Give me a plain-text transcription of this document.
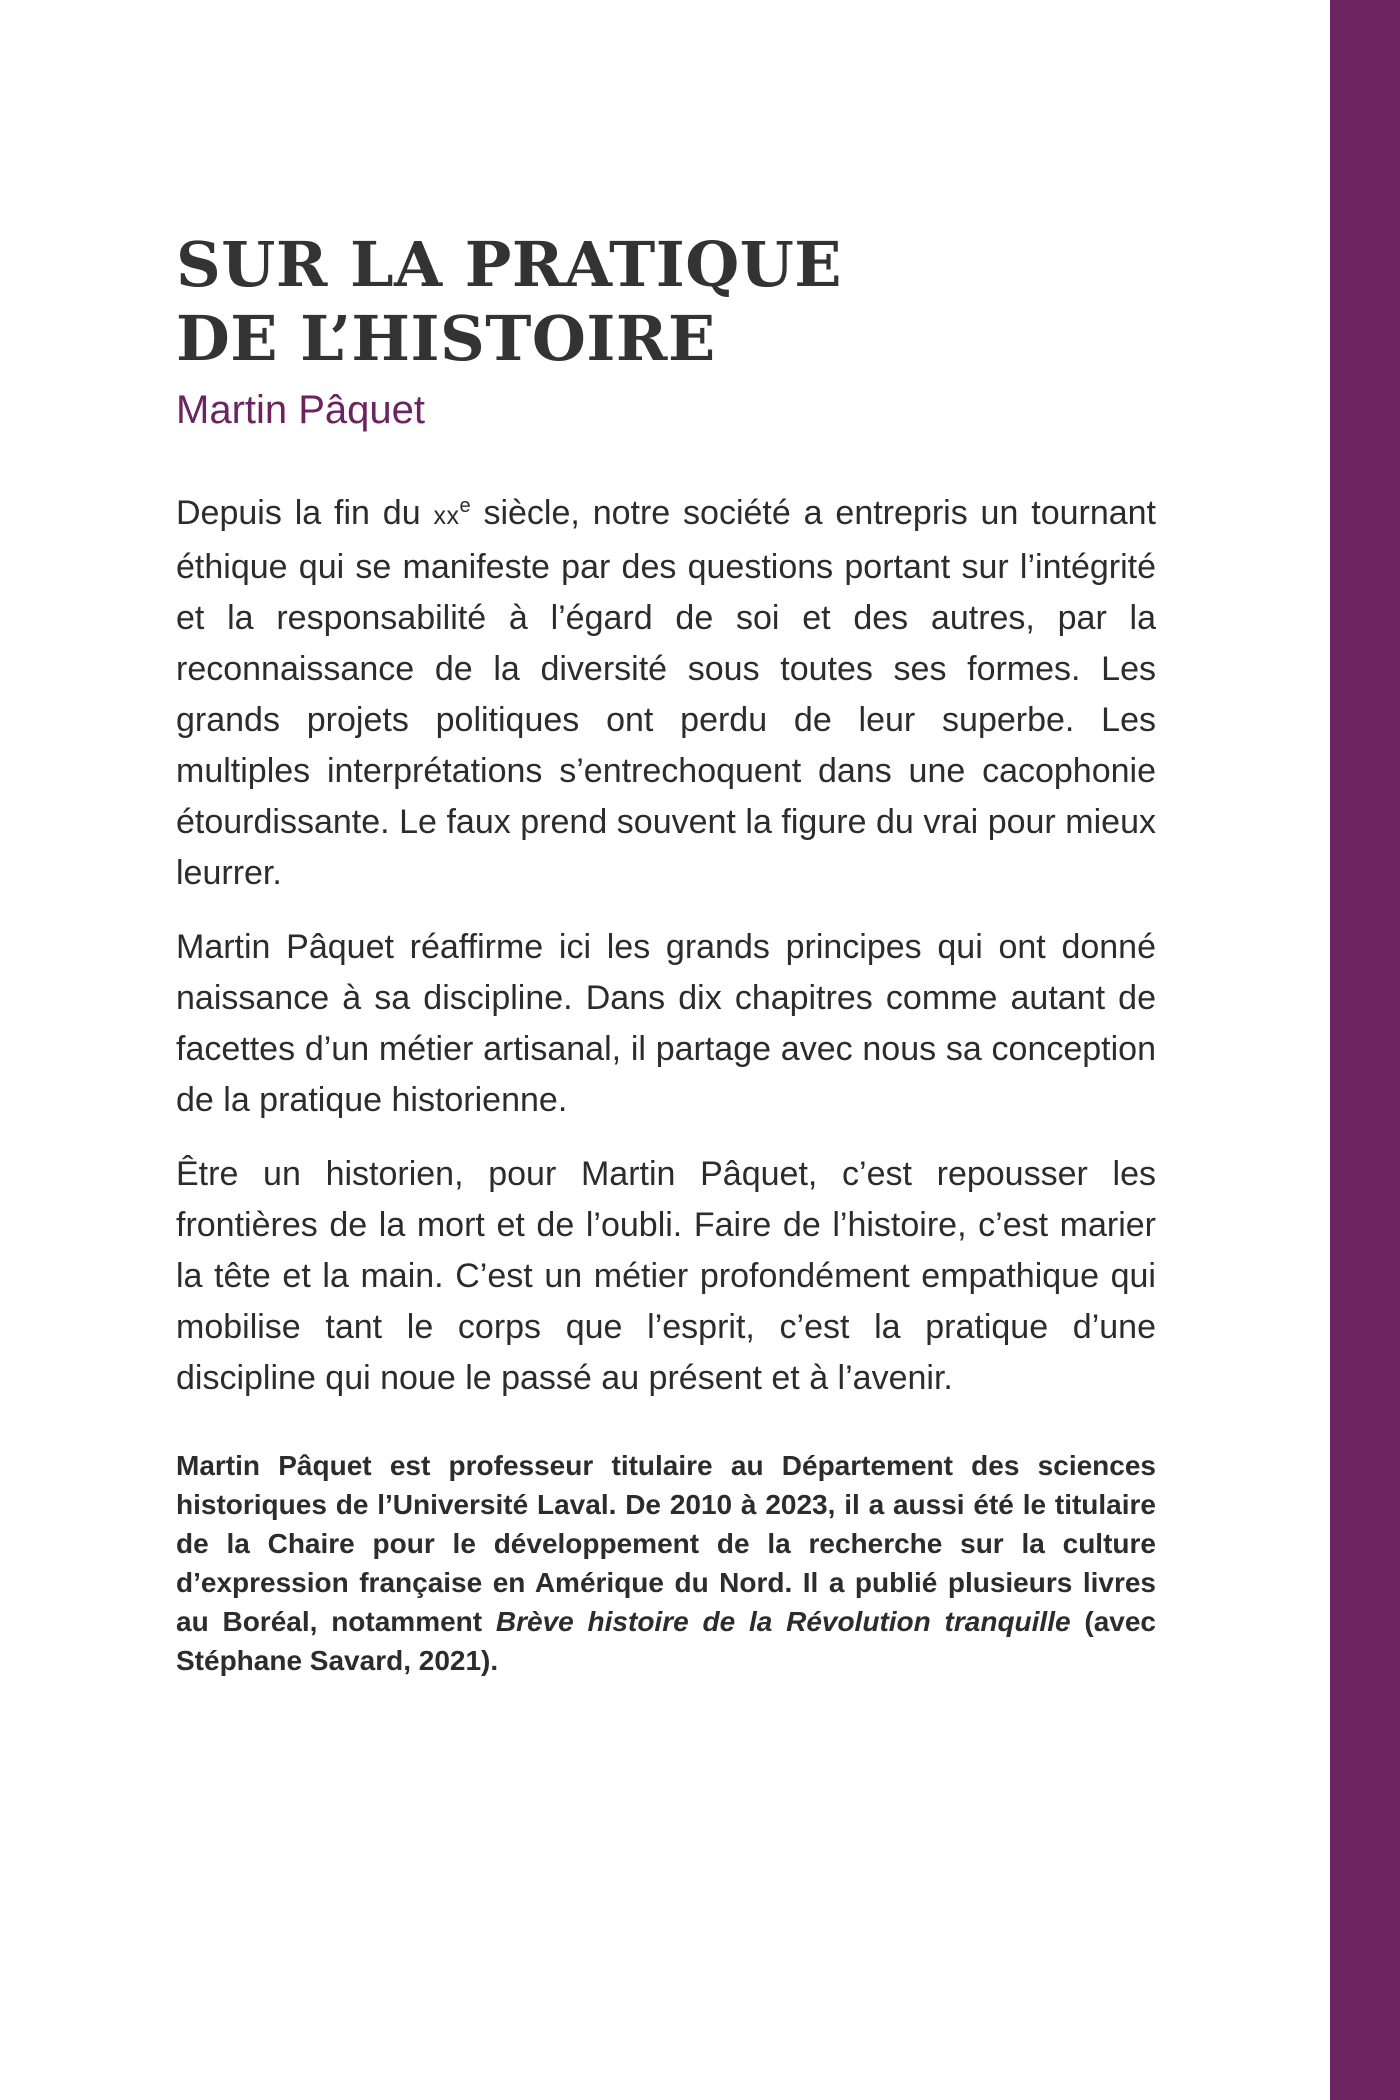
SUR LA PRATIQUE
DE L’HISTOIRE
Martin Pâquet

Depuis la fin du $xx^e$ siècle, notre société a entrepris un tournant éthique qui se manifeste par des questions portant sur l’intégrité et la responsabilité à l’égard de soi et des autres, par la reconnaissance de la diversité sous toutes ses formes. Les grands projets politiques ont perdu de leur superbe. Les multiples interprétations s’entrechoquent dans une cacophonie étourdissante. Le faux prend souvent la figure du vrai pour mieux leurrer.

Martin Pâquet réaffirme ici les grands principes qui ont donné naissance à sa discipline. Dans dix chapitres comme autant de facettes d’un métier artisanal, il partage avec nous sa conception de la pratique historienne.

Être un historien, pour Martin Pâquet, c’est repousser les frontières de la mort et de l’oubli. Faire de l’histoire, c’est marier la tête et la main. C’est un métier profondément empathique qui mobilise tant le corps que l’esprit, c’est la pratique d’une discipline qui noue le passé au présent et à l’avenir.

Martin Pâquet est professeur titulaire au Département des sciences historiques de l’Université Laval. De 2010 à 2023, il a aussi été le titulaire de la Chaire pour le développement de la recherche sur la culture d’expression française en Amérique du Nord. Il a publié plusieurs livres au Boréal, notamment Brève histoire de la Révolution tranquille (avec Stéphane Savard, 2021).
